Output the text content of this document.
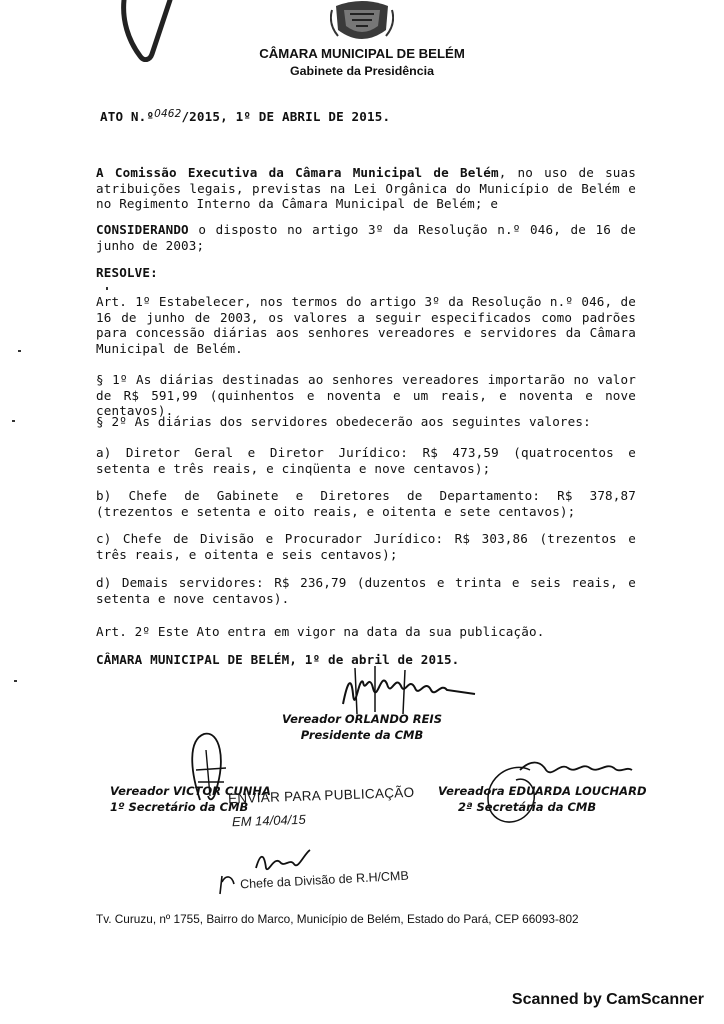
CÂMARA MUNICIPAL DE BELÉM
Gabinete da Presidência
ATO N.º$^{0462}$/2015, 1º DE ABRIL DE 2015.
A Comissão Executiva da Câmara Municipal de Belém, no uso de suas atribuições legais, previstas na Lei Orgânica do Município de Belém e no Regimento Interno da Câmara Municipal de Belém; e
CONSIDERANDO o disposto no artigo 3º da Resolução n.º 046, de 16 de junho de 2003;
RESOLVE:
Art. 1º Estabelecer, nos termos do artigo 3º da Resolução n.º 046, de 16 de junho de 2003, os valores a seguir especificados como padrões para concessão diárias aos senhores vereadores e servidores da Câmara Municipal de Belém.
§ 1º As diárias destinadas ao senhores vereadores importarão no valor de R$ 591,99 (quinhentos e noventa e um reais, e noventa e nove centavos).
§ 2º As diárias dos servidores obedecerão aos seguintes valores:
a) Diretor Geral e Diretor Jurídico: R$ 473,59 (quatrocentos e setenta e três reais, e cinqüenta e nove centavos);
b) Chefe de Gabinete e Diretores de Departamento: R$ 378,87 (trezentos e setenta e oito reais, e oitenta e sete centavos);
c) Chefe de Divisão e Procurador Jurídico: R$ 303,86 (trezentos e três reais, e oitenta e seis centavos);
d) Demais servidores: R$ 236,79 (duzentos e trinta e seis reais, e setenta e nove centavos).
Art. 2º Este Ato entra em vigor na data da sua publicação.
CÂMARA MUNICIPAL DE BELÉM, 1º de abril de 2015.
Vereador ORLANDO REIS
Presidente da CMB
Vereador VICTOR CUNHA
1º Secretário da CMB
Vereadora EDUARDA LOUCHARD
2ª Secretária da CMB
ENVIAR PARA PUBLICAÇÃO
EM 14/04/15
Chefe da Divisão de R.H/CMB
Tv. Curuzu, nº 1755, Bairro do Marco, Município de Belém, Estado do Pará, CEP 66093-802
Scanned by CamScanner
